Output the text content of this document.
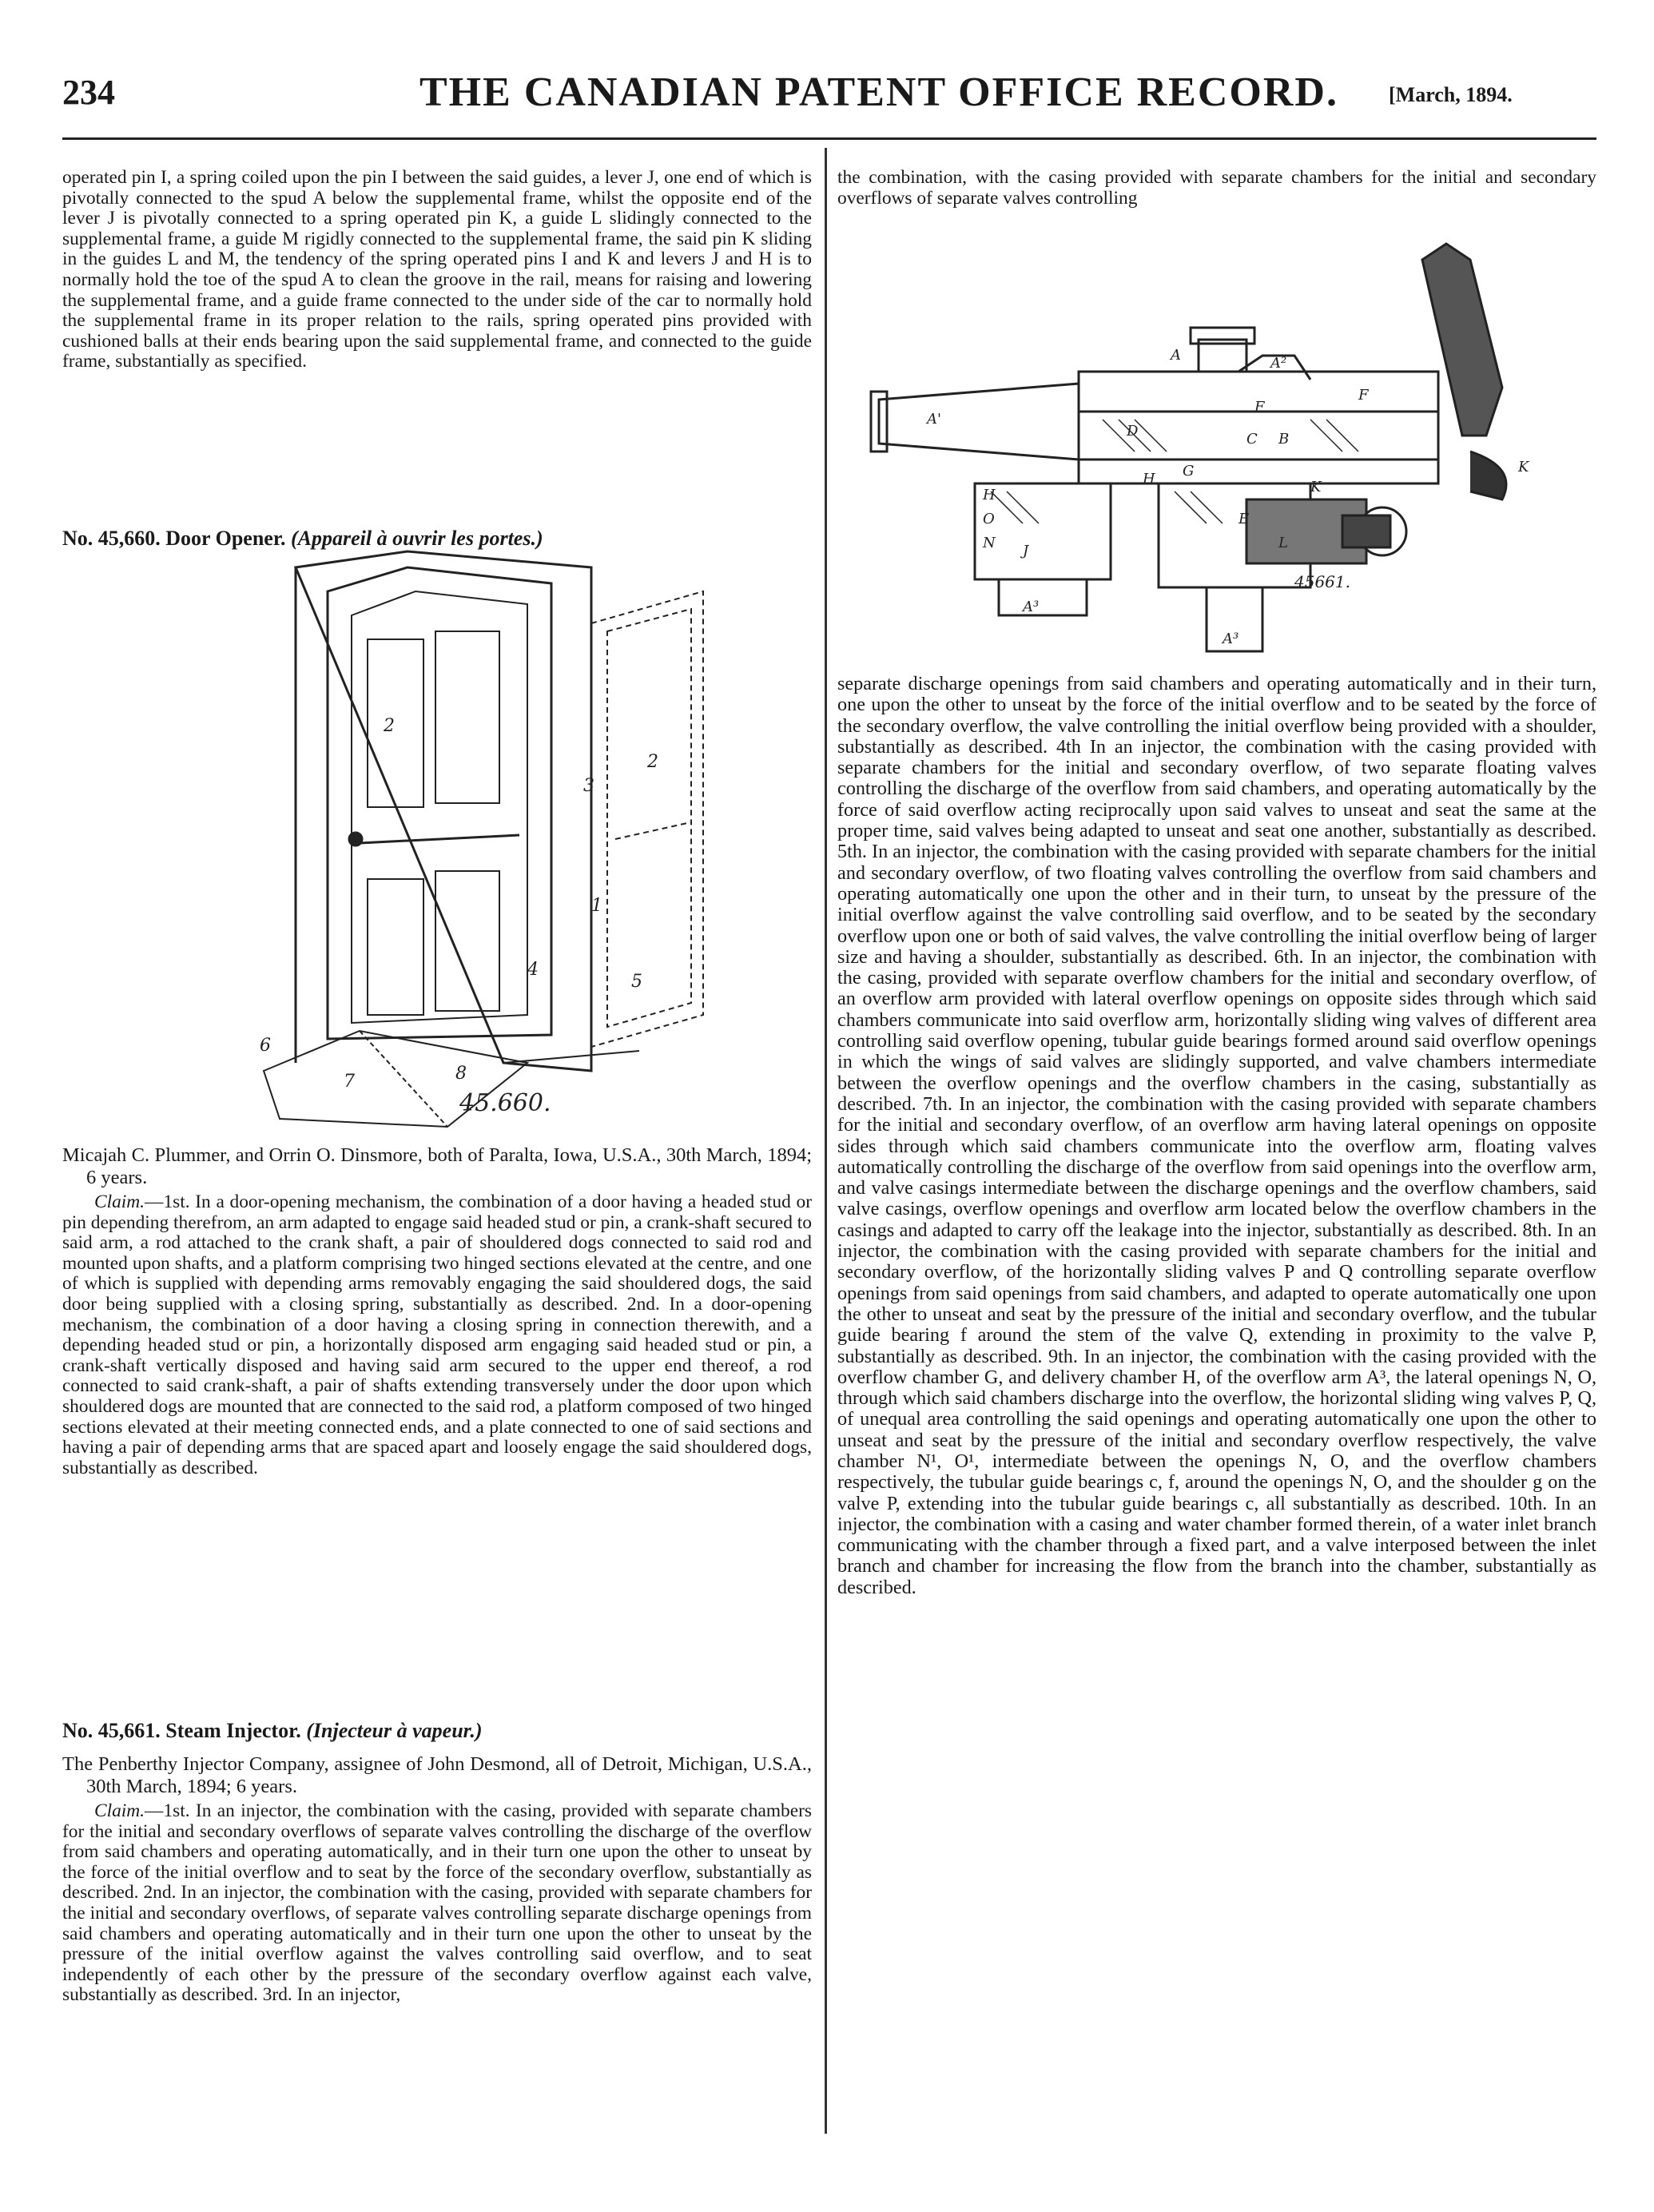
234	THE CANADIAN PATENT OFFICE RECORD. [March, 1894.

operated pin I, a spring coiled upon the pin I between the said guides, a lever J, one end of which is pivotally connected to the spud A below the supplemental frame, whilst the opposite end of the lever J is pivotally connected to a spring operated pin K, a guide L slidingly connected to the supplemental frame, a guide M rigidly connected to the supplemental frame, the said pin K sliding in the guides L and M, the tendency of the spring operated pins I and K and levers J and H is to normally hold the toe of the spud A to clean the groove in the rail, means for raising and lowering the supplemental frame, and a guide frame connected to the under side of the car to normally hold the supplemental frame in its proper relation to the rails, spring operated pins provided with cushioned balls at their ends bearing upon the said supplemental frame, and connected to the guide frame, substantially as specified.

No. 45,660. Door Opener. (Appareil à ouvrir les portes.)

2
2
3
1
4
5
6
7	8
45.660.

Micajah C. Plummer, and Orrin O. Dinsmore, both of Paralta, Iowa, U.S.A., 30th March, 1894; 6 years.

Claim.—1st. In a door-opening mechanism, the combination of a door having a headed stud or pin depending therefrom, an arm adapted to engage said headed stud or pin, a crank-shaft secured to said arm, a rod attached to the crank shaft, a pair of shouldered dogs connected to said rod and mounted upon shafts, and a platform comprising two hinged sections elevated at the centre, and one of which is supplied with depending arms removably engaging the said shouldered dogs, the said door being supplied with a closing spring, substantially as described. 2nd. In a door-opening mechanism, the combination of a door having a closing spring in connection therewith, and a depending headed stud or pin, a horizontally disposed arm engaging said headed stud or pin, a crank-shaft vertically disposed and having said arm secured to the upper end thereof, a rod connected to said crank-shaft, a pair of shafts extending transversely under the door upon which shouldered dogs are mounted that are connected to the said rod, a platform composed of two hinged sections elevated at their meeting connected ends, and a plate connected to one of said sections and having a pair of depending arms that are spaced apart and loosely engage the said shouldered dogs, substantially as described.

No. 45,661. Steam Injector. (Injecteur à vapeur.)

The Penberthy Injector Company, assignee of John Desmond, all of Detroit, Michigan, U.S.A., 30th March, 1894; 6 years.

Claim.—1st. In an injector, the combination with the casing, provided with separate chambers for the initial and secondary overflows of separate valves controlling the discharge of the overflow from said chambers and operating automatically, and in their turn one upon the other to unseat by the force of the initial overflow and to seat by the force of the secondary overflow, substantially as described. 2nd. In an injector, the combination with the casing, provided with separate chambers for the initial and secondary overflows, of separate valves controlling separate discharge openings from said chambers and operating automatically and in their turn one upon the other to unseat by the pressure of the initial overflow against the valves controlling said overflow, and to seat independently of each other by the pressure of the secondary overflow against each valve, substantially as described. 3rd. In an injector,

the combination, with the casing provided with separate chambers for the initial and secondary overflows of separate valves controlling

A'
A	A²
D
F
F
C B
G
H
H
O
N
K
L
E
J
A³
A³
K
45661.

separate discharge openings from said chambers and operating automatically and in their turn, one upon the other to unseat by the force of the initial overflow and to be seated by the force of the secondary overflow, the valve controlling the initial overflow being provided with a shoulder, substantially as described. 4th In an injector, the combination with the casing provided with separate chambers for the initial and secondary overflow, of two separate floating valves controlling the discharge of the overflow from said chambers, and operating automatically by the force of said overflow acting reciprocally upon said valves to unseat and seat the same at the proper time, said valves being adapted to unseat and seat one another, substantially as described. 5th. In an injector, the combination with the casing provided with separate chambers for the initial and secondary overflow, of two floating valves controlling the overflow from said chambers and operating automatically one upon the other and in their turn, to unseat by the pressure of the initial overflow against the valve controlling said overflow, and to be seated by the secondary overflow upon one or both of said valves, the valve controlling the initial overflow being of larger size and having a shoulder, substantially as described. 6th. In an injector, the combination with the casing, provided with separate overflow chambers for the initial and secondary overflow, of an overflow arm provided with lateral overflow openings on opposite sides through which said chambers communicate into said overflow arm, horizontally sliding wing valves of different area controlling said overflow opening, tubular guide bearings formed around said overflow openings in which the wings of said valves are slidingly supported, and valve chambers intermediate between the overflow openings and the overflow chambers in the casing, substantially as described. 7th. In an injector, the combination with the casing provided with separate chambers for the initial and secondary overflow, of an overflow arm having lateral openings on opposite sides through which said chambers communicate into the overflow arm, floating valves automatically controlling the discharge of the overflow from said openings into the overflow arm, and valve casings intermediate between the discharge openings and the overflow chambers, said valve casings, overflow openings and overflow arm located below the overflow chambers in the casings and adapted to carry off the leakage into the injector, substantially as described. 8th. In an injector, the combination with the casing provided with separate chambers for the initial and secondary overflow, of the horizontally sliding valves P and Q controlling separate overflow openings from said openings from said chambers, and adapted to operate automatically one upon the other to unseat and seat by the pressure of the initial and secondary overflow, and the tubular guide bearing f around the stem of the valve Q, extending in proximity to the valve P, substantially as described. 9th. In an injector, the combination with the casing provided with the overflow chamber G, and delivery chamber H, of the overflow arm A³, the lateral openings N, O, through which said chambers discharge into the overflow, the horizontal sliding wing valves P, Q, of unequal area controlling the said openings and operating automatically one upon the other to unseat and seat by the pressure of the initial and secondary overflow respectively, the valve chamber N¹, O¹, intermediate between the openings N, O, and the overflow chambers respectively, the tubular guide bearings c, f, around the openings N, O, and the shoulder g on the valve P, extending into the tubular guide bearings c, all substantially as described. 10th. In an injector, the combination with a casing and water chamber formed therein, of a water inlet branch communicating with the chamber through a fixed part, and a valve interposed between the inlet branch and chamber for increasing the flow from the branch into the chamber, substantially as described.
